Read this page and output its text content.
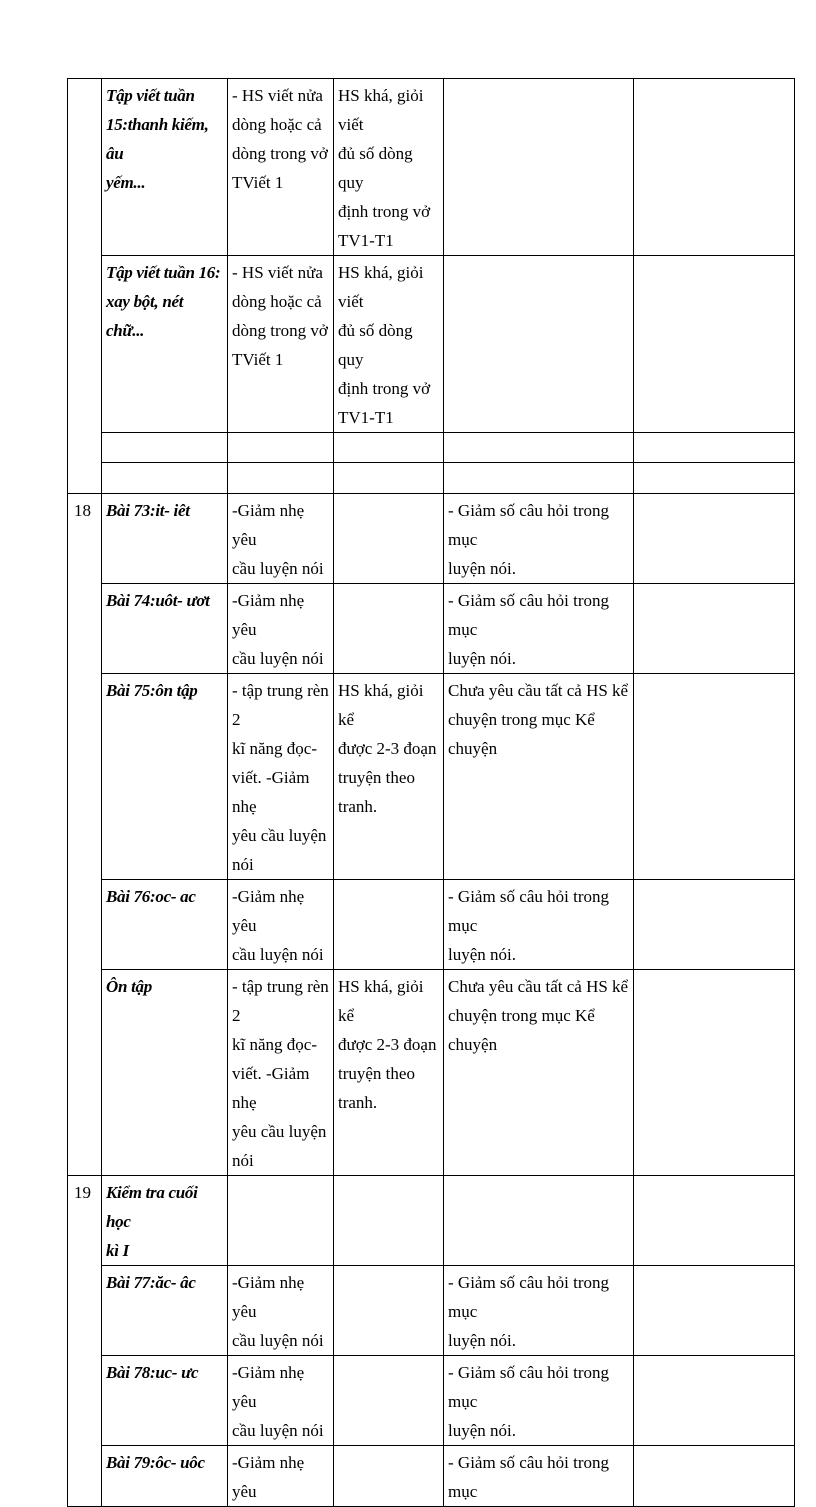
	Tập viết tuần
15:thanh kiếm, âu
yếm...	- HS viết nửa
dòng hoặc cả
dòng trong vở
TViết 1	HS khá, giỏi viết
đủ số dòng quy
định trong vở
TV1-T1		

	Tập viết tuần 16:
xay bột, nét chữ...	- HS viết nửa
dòng hoặc cả
dòng trong vở
TViết 1	HS khá, giỏi viết
đủ số dòng quy
định trong vở
TV1-T1		

18	Bài 73:it- iêt	-Giảm nhẹ yêu
cầu luyện nói		- Giảm số câu hỏi trong mục
luyện nói.	

	Bài 74:uôt- ươt	-Giảm nhẹ yêu
cầu luyện nói		- Giảm số câu hỏi trong mục
luyện nói.	

	Bài 75:ôn tập	- tập trung rèn 2
kĩ năng đọc-
viết. -Giảm nhẹ
yêu cầu luyện
nói	HS khá, giỏi kể
được 2-3 đoạn
truyện theo
tranh.	Chưa yêu cầu tất cả HS kể
chuyện trong mục Kể chuyện	

	Bài 76:oc- ac	-Giảm nhẹ yêu
cầu luyện nói		- Giảm số câu hỏi trong mục
luyện nói.	

	Ôn tập	- tập trung rèn 2
kĩ năng đọc-
viết. -Giảm nhẹ
yêu cầu luyện
nói	HS khá, giỏi kể
được 2-3 đoạn
truyện theo
tranh.	Chưa yêu cầu tất cả HS kể
chuyện trong mục Kể chuyện	

19	Kiểm tra cuối học
kì I				

	Bài 77:ăc- âc	-Giảm nhẹ yêu
cầu luyện nói		- Giảm số câu hỏi trong mục
luyện nói.	

	Bài 78:uc- ưc	-Giảm nhẹ yêu
cầu luyện nói		- Giảm số câu hỏi trong mục
luyện nói.	

	Bài 79:ôc- uôc	-Giảm nhẹ yêu		- Giảm số câu hỏi trong mục	
